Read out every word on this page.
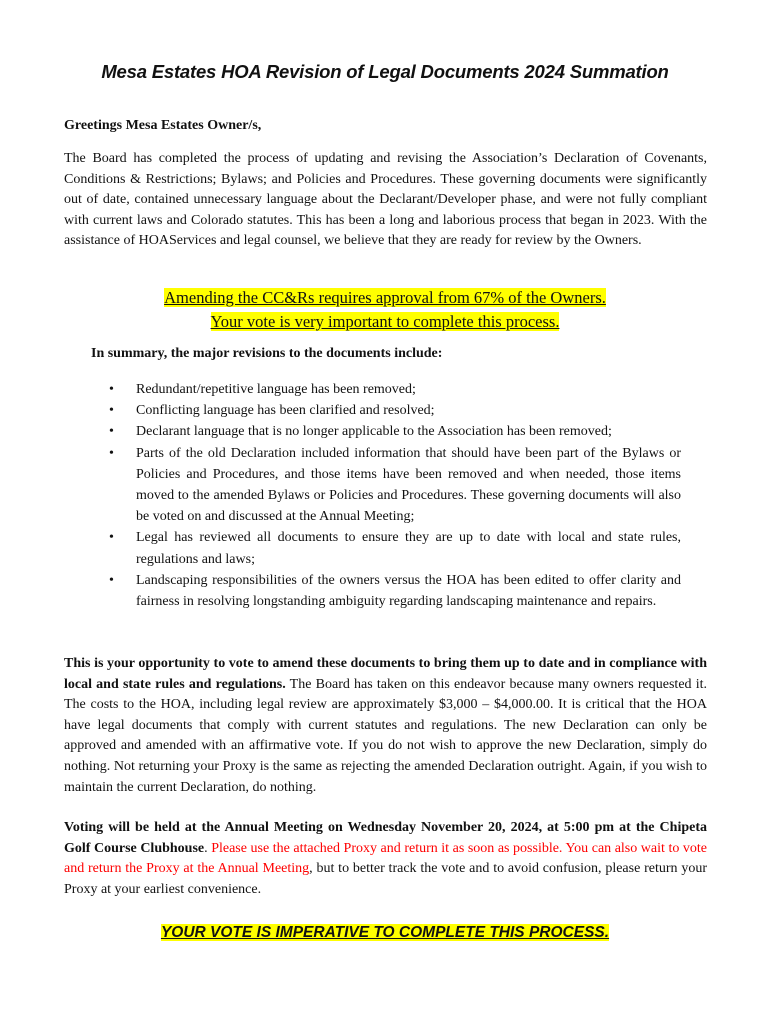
Mesa Estates HOA Revision of Legal Documents 2024 Summation

Greetings Mesa Estates Owner/s,

The Board has completed the process of updating and revising the Association’s Declaration of Covenants, Conditions & Restrictions; Bylaws; and Policies and Procedures. These governing documents were significantly out of date, contained unnecessary language about the Declarant/Developer phase, and were not fully compliant with current laws and Colorado statutes. This has been a long and laborious process that began in 2023. With the assistance of HOAServices and legal counsel, we believe that they are ready for review by the Owners.

Amending the CC&Rs requires approval from 67% of the Owners.
Your vote is very important to complete this process.

In summary, the major revisions to the documents include:

• Redundant/repetitive language has been removed;
• Conflicting language has been clarified and resolved;
• Declarant language that is no longer applicable to the Association has been removed;
• Parts of the old Declaration included information that should have been part of the Bylaws or Policies and Procedures, and those items have been removed and when needed, those items moved to the amended Bylaws or Policies and Procedures. These governing documents will also be voted on and discussed at the Annual Meeting;
• Legal has reviewed all documents to ensure they are up to date with local and state rules, regulations and laws;
• Landscaping responsibilities of the owners versus the HOA has been edited to offer clarity and fairness in resolving longstanding ambiguity regarding landscaping maintenance and repairs.

This is your opportunity to vote to amend these documents to bring them up to date and in compliance with local and state rules and regulations. The Board has taken on this endeavor because many owners requested it. The costs to the HOA, including legal review are approximately $3,000 – $4,000.00. It is critical that the HOA have legal documents that comply with current statutes and regulations. The new Declaration can only be approved and amended with an affirmative vote. If you do not wish to approve the new Declaration, simply do nothing. Not returning your Proxy is the same as rejecting the amended Declaration outright. Again, if you wish to maintain the current Declaration, do nothing.

Voting will be held at the Annual Meeting on Wednesday November 20, 2024, at 5:00 pm at the Chipeta Golf Course Clubhouse. Please use the attached Proxy and return it as soon as possible. You can also wait to vote and return the Proxy at the Annual Meeting, but to better track the vote and to avoid confusion, please return your Proxy at your earliest convenience.

YOUR VOTE IS IMPERATIVE TO COMPLETE THIS PROCESS.
